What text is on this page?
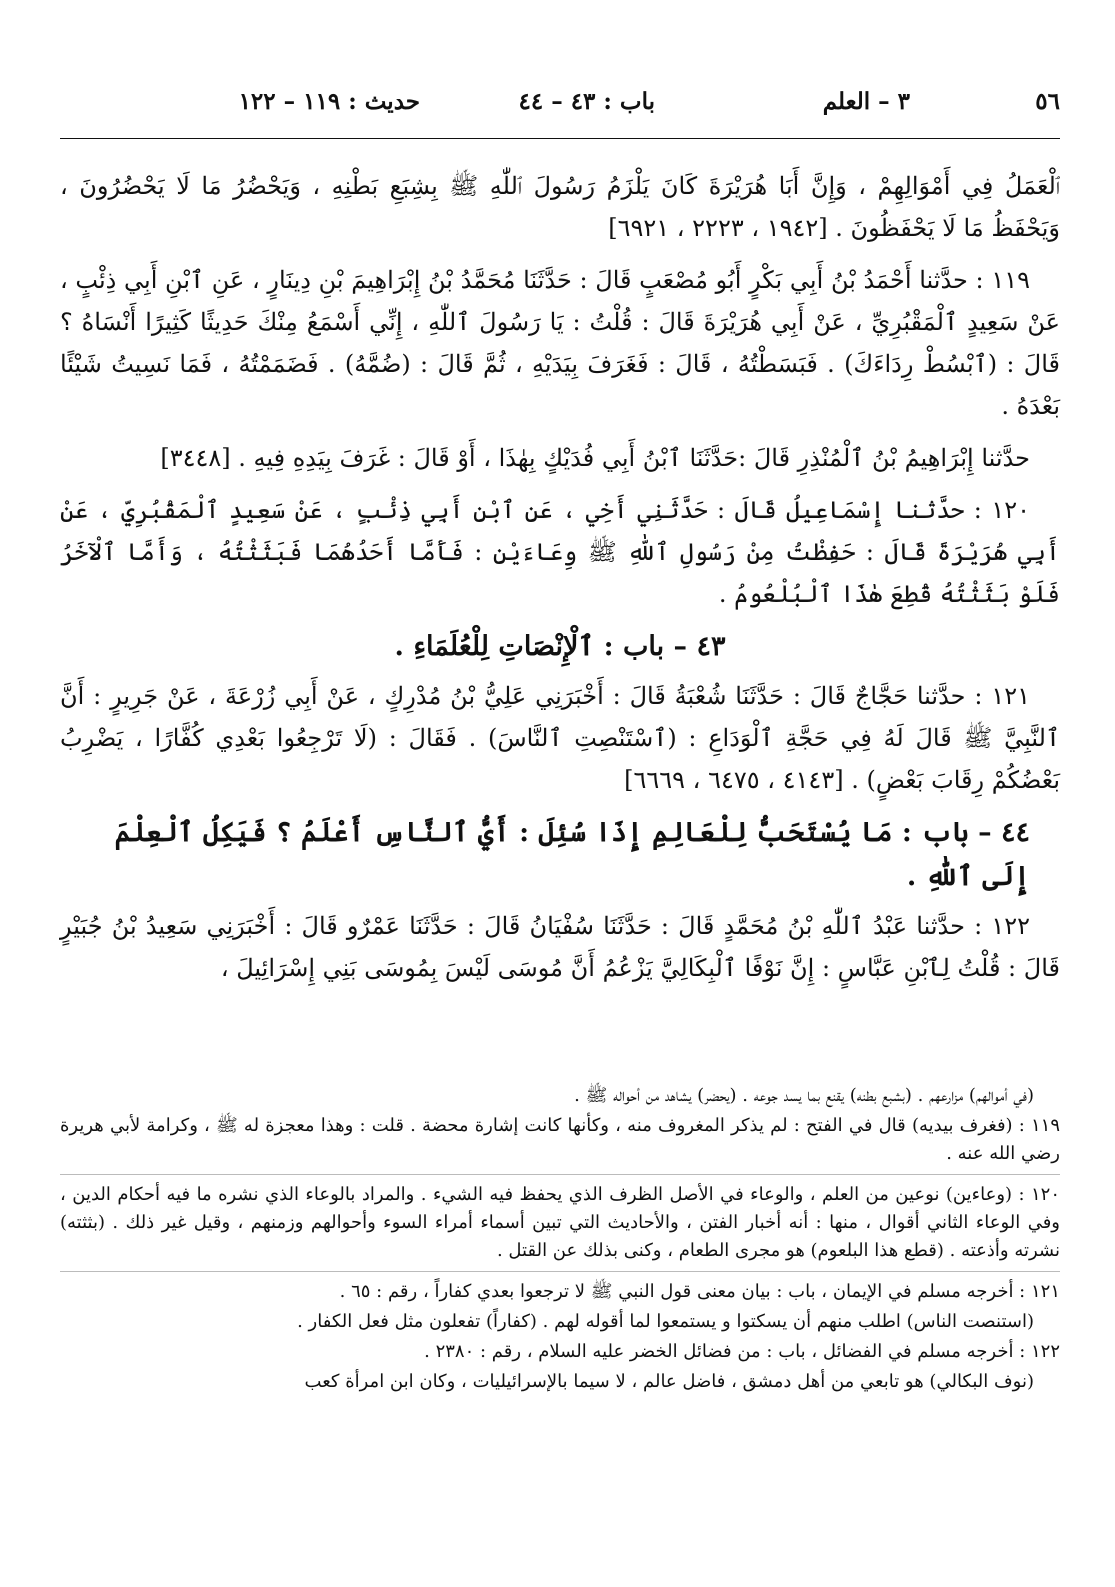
٥٦
٣ – العلم
باب : ٤٣ – ٤٤
حديث : ١١٩ – ١٢٢

ٱلْعَمَلُ فِي أَمْوَالِهِمْ ، وَإِنَّ أَبَا هُرَيْرَةَ كَانَ يَلْزَمُ رَسُولَ ٱللّٰهِ ﷺ بِشِبَعِ بَطْنِهِ ، وَيَحْضُرُ مَا لَا يَحْضُرُونَ ، وَيَحْفَظُ مَا لَا يَحْفَظُونَ . [١٩٤٢ ، ٢٢٢٣ ، ٦٩٢١]

١١٩ : حدَّثنا أَحْمَدُ بْنُ أَبِي بَكْرٍ أَبُو مُصْعَبٍ قَالَ : حَدَّثَنَا مُحَمَّدُ بْنُ إِبْرَاهِيمَ بْنِ دِينَارٍ ، عَنِ ٱبْنِ أَبِي ذِئْبٍ ، عَنْ سَعِيدٍ ٱلْمَقْبُرِيِّ ، عَنْ أَبِي هُرَيْرَةَ قَالَ : قُلْتُ : يَا رَسُولَ ٱللّٰهِ ، إِنِّي أَسْمَعُ مِنْكَ حَدِيثًا كَثِيرًا أَنْسَاهُ ؟ قَالَ : (ٱبْسُطْ رِدَاءَكَ) . فَبَسَطْتُهُ ، قَالَ : فَغَرَفَ بِيَدَيْهِ ، ثُمَّ قَالَ : (ضُمَّهُ) . فَضَمَمْتُهُ ، فَمَا نَسِيتُ شَيْئًا بَعْدَهُ .

حدَّثنا إِبْرَاهِيمُ بْنُ ٱلْمُنْذِرِ قَالَ :حَدَّثَنَا ٱبْنُ أَبِي فُدَيْكٍ بِهٰذَا ، أَوْ قَالَ : غَرَفَ بِيَدِهِ فِيهِ . [٣٤٤٨]

١٢٠ : حدَّثنا إِسْمَاعِيلُ قَالَ : حَدَّثَنِي أَخِي ، عَنِ ٱبْنِ أَبِي ذِئْبٍ ، عَنْ سَعِيدٍ ٱلْمَقْبُرِيِّ ، عَنْ أَبِي هُرَيْرَةَ قَالَ : حَفِظْتُ مِنْ رَسُولِ ٱللّٰهِ ﷺ وِعَاءَيْنِ : فَأَمَّا أَحَدُهُمَا فَبَثَثْتُهُ ، وَأَمَّا ٱلْآخَرُ فَلَوْ بَثَثْتُهُ قُطِعَ هٰذَا ٱلْبُلْعُومُ .

٤٣ – باب : ٱلْإِنْصَاتِ لِلْعُلَمَاءِ .

١٢١ : حدَّثنا حَجَّاجٌ قَالَ : حَدَّثَنَا شُعْبَةُ قَالَ : أَخْبَرَنِي عَلِيُّ بْنُ مُدْرِكٍ ، عَنْ أَبِي زُرْعَةَ ، عَنْ جَرِيرٍ : أَنَّ ٱلنَّبِيَّ ﷺ قَالَ لَهُ فِي حَجَّةِ ٱلْوَدَاعِ : (ٱسْتَنْصِتِ ٱلنَّاسَ) . فَقَالَ : (لَا تَرْجِعُوا بَعْدِي كُفَّارًا ، يَضْرِبُ بَعْضُكُمْ رِقَابَ بَعْضٍ) . [٤١٤٣ ، ٦٤٧٥ ، ٦٦٦٩]

٤٤ – باب : مَا يُسْتَحَبُّ لِلْعَالِمِ إِذَا سُئِلَ : أَيُّ ٱلنَّاسِ أَعْلَمُ ؟ فَيَكِلُ ٱلْعِلْمَ إِلَى ٱللّٰهِ .

١٢٢ : حدَّثنا عَبْدُ ٱللّٰهِ بْنُ مُحَمَّدٍ قَالَ : حَدَّثَنَا سُفْيَانُ قَالَ : حَدَّثَنَا عَمْرٌو قَالَ : أَخْبَرَنِي سَعِيدُ بْنُ جُبَيْرٍ قَالَ : قُلْتُ لِٱبْنِ عَبَّاسٍ : إِنَّ نَوْفًا ٱلْبِكَالِيَّ يَزْعُمُ أَنَّ مُوسَى لَيْسَ بِمُوسَى بَنِي إِسْرَائِيلَ ،

(في أموالهم) مزارعهم . (بشبع بطنه) يقنع بما يسد جوعه . (يحضر) يشاهد من أحواله ﷺ .
١١٩ : (فغرف بيديه) قال في الفتح : لم يذكر المغروف منه ، وكأنها كانت إشارة محضة . قلت : وهذا معجزة له ﷺ ، وكرامة لأبي هريرة رضي الله عنه .
١٢٠ : (وعاءين) نوعين من العلم ، والوعاء في الأصل الظرف الذي يحفظ فيه الشيء . والمراد بالوعاء الذي نشره ما فيه أحكام الدين ، وفي الوعاء الثاني أقوال ، منها : أنه أخبار الفتن ، والأحاديث التي تبين أسماء أمراء السوء وأحوالهم وزمنهم ، وقيل غير ذلك . (بثثته) نشرته وأذعته . (قطع هذا البلعوم) هو مجرى الطعام ، وكنى بذلك عن القتل .
١٢١ : أخرجه مسلم في الإيمان ، باب : بيان معنى قول النبي ﷺ لا ترجعوا بعدي كفاراً ، رقم : ٦٥ .
(استنصت الناس) اطلب منهم أن يسكتوا و يستمعوا لما أقوله لهم . (كفاراً) تفعلون مثل فعل الكفار .
١٢٢ : أخرجه مسلم في الفضائل ، باب : من فضائل الخضر عليه السلام ، رقم : ٢٣٨٠ .
(نوف البكالي) هو تابعي من أهل دمشق ، فاضل عالم ، لا سيما بالإسرائيليات ، وكان ابن امرأة كعب
